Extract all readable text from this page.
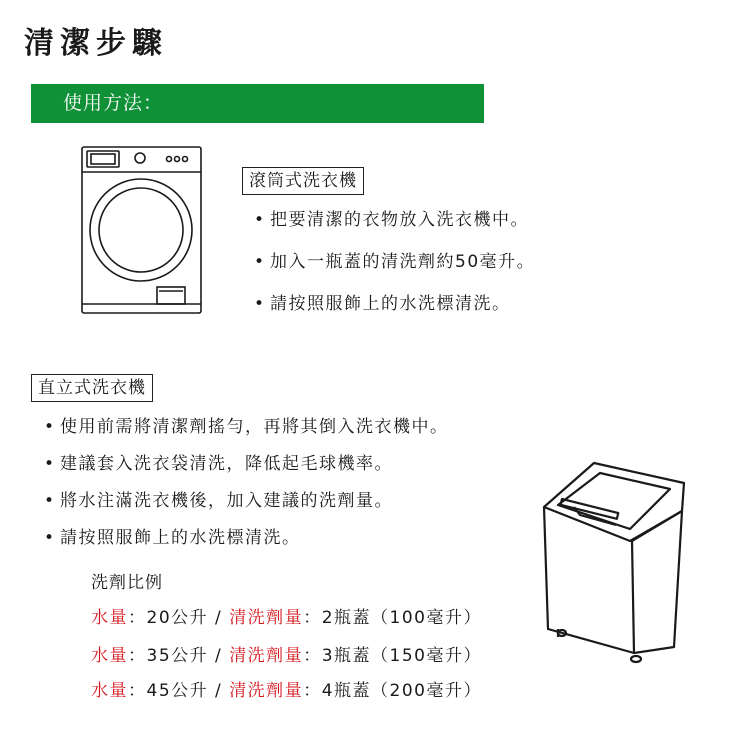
清潔步驟
使用方法：
滾筒式洗衣機
• 把要清潔的衣物放入洗衣機中。
• 加入一瓶蓋的清洗劑約50毫升。
• 請按照服飾上的水洗標清洗。
直立式洗衣機
• 使用前需將清潔劑搖勻，再將其倒入洗衣機中。
• 建議套入洗衣袋清洗，降低起毛球機率。
• 將水注滿洗衣機後，加入建議的洗劑量。
• 請按照服飾上的水洗標清洗。
洗劑比例
水量：20公升 / 清洗劑量：2瓶蓋（100毫升）
水量：35公升 / 清洗劑量：3瓶蓋（150毫升）
水量：45公升 / 清洗劑量：4瓶蓋（200毫升）
